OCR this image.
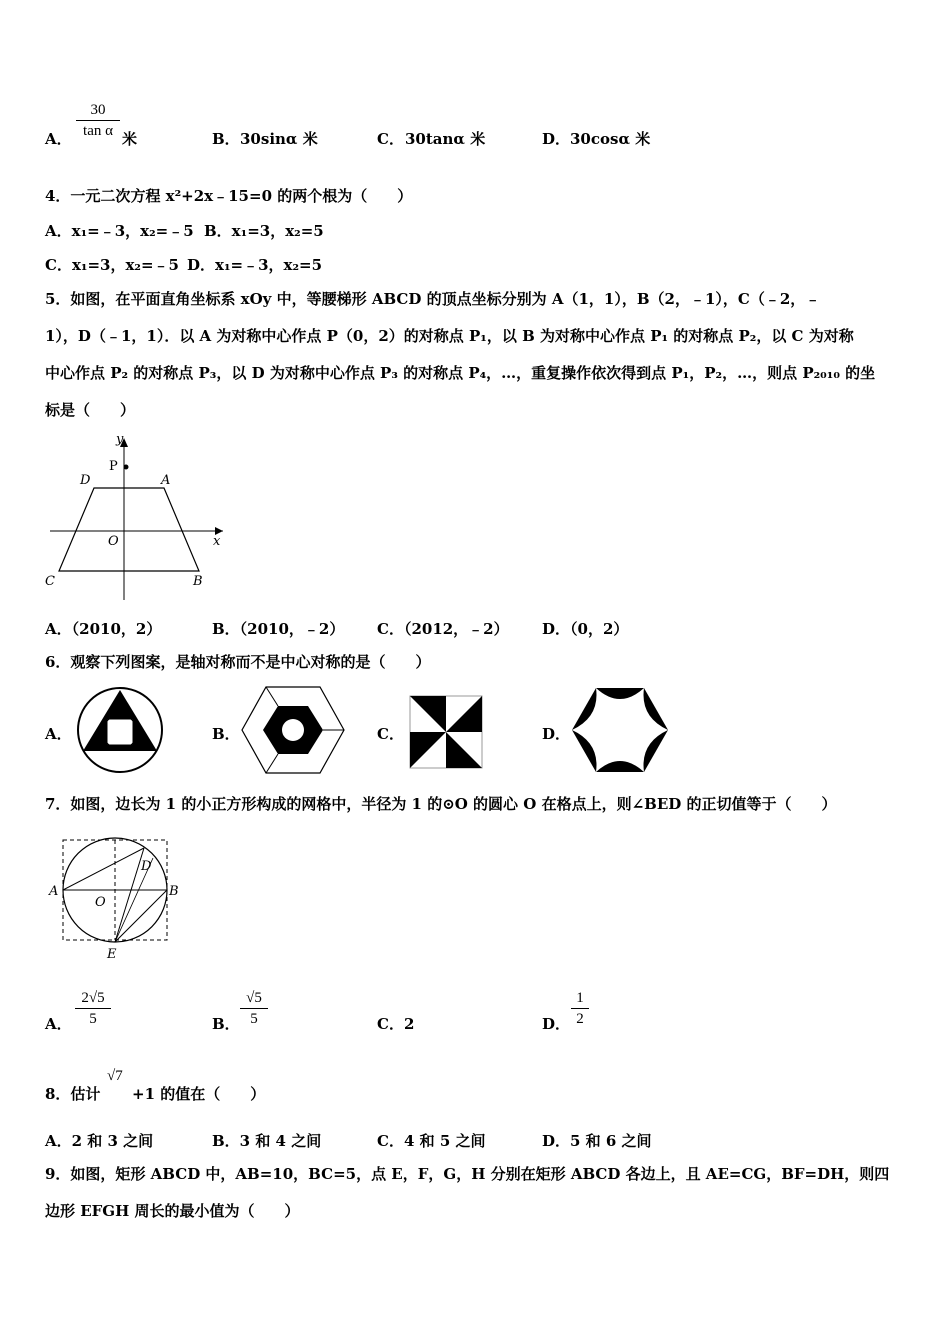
A． $\frac{30}{\text{tan α}}$ 米	B． 30sinα 米	C． 30tanα 米	D． 30cosα 米
4．一元二次方程 x²+2x﹣15=0 的两个根为（　　）
A．x₁=﹣3，x₂=﹣5 B．x₁=3，x₂=5
C．x₁=3，x₂=﹣5 D．x₁=﹣3，x₂=5
5．如图，在平面直角坐标系 xOy 中，等腰梯形 ABCD 的顶点坐标分别为 A（1，1），B（2，﹣1），C（﹣2，﹣
1），D（﹣1，1）．以 A 为对称中心作点 P（0，2）的对称点 P₁，以 B 为对称中心作点 P₁ 的对称点 P₂，以 C 为对称
中心作点 P₂ 的对称点 P₃，以 D 为对称中心作点 P₃ 的对称点 P₄，…，重复操作依次得到点 P₁，P₂，…，则点 P₂₀₁₀ 的坐
标是（　　）
y
x
P
D	A
O
C	B
A．（2010，2）	B．（2010，﹣2） C．（2012，﹣2） D．（0，2）
6．观察下列图案，是轴对称而不是中心对称的是（　　）
A．	B．	C．	D．
7．如图，边长为 1 的小正方形构成的网格中，半径为 1 的⊙O 的圆心 O 在格点上，则∠BED 的正切值等于（　　）
A	B
D
O
E
A． $\frac{2√5}{5}$	B． $\frac{√5}{5}$	C．2	D． $\frac{1}{2}$
8．估计
√7
+1 的值在（　　）
A．2 和 3 之间	B．3 和 4 之间	C．4 和 5 之间	D．5 和 6 之间
9．如图，矩形 ABCD 中，AB=10，BC=5，点 E，F，G，H 分别在矩形 ABCD 各边上，且 AE=CG，BF=DH，则四
边形 EFGH 周长的最小值为（　　）
